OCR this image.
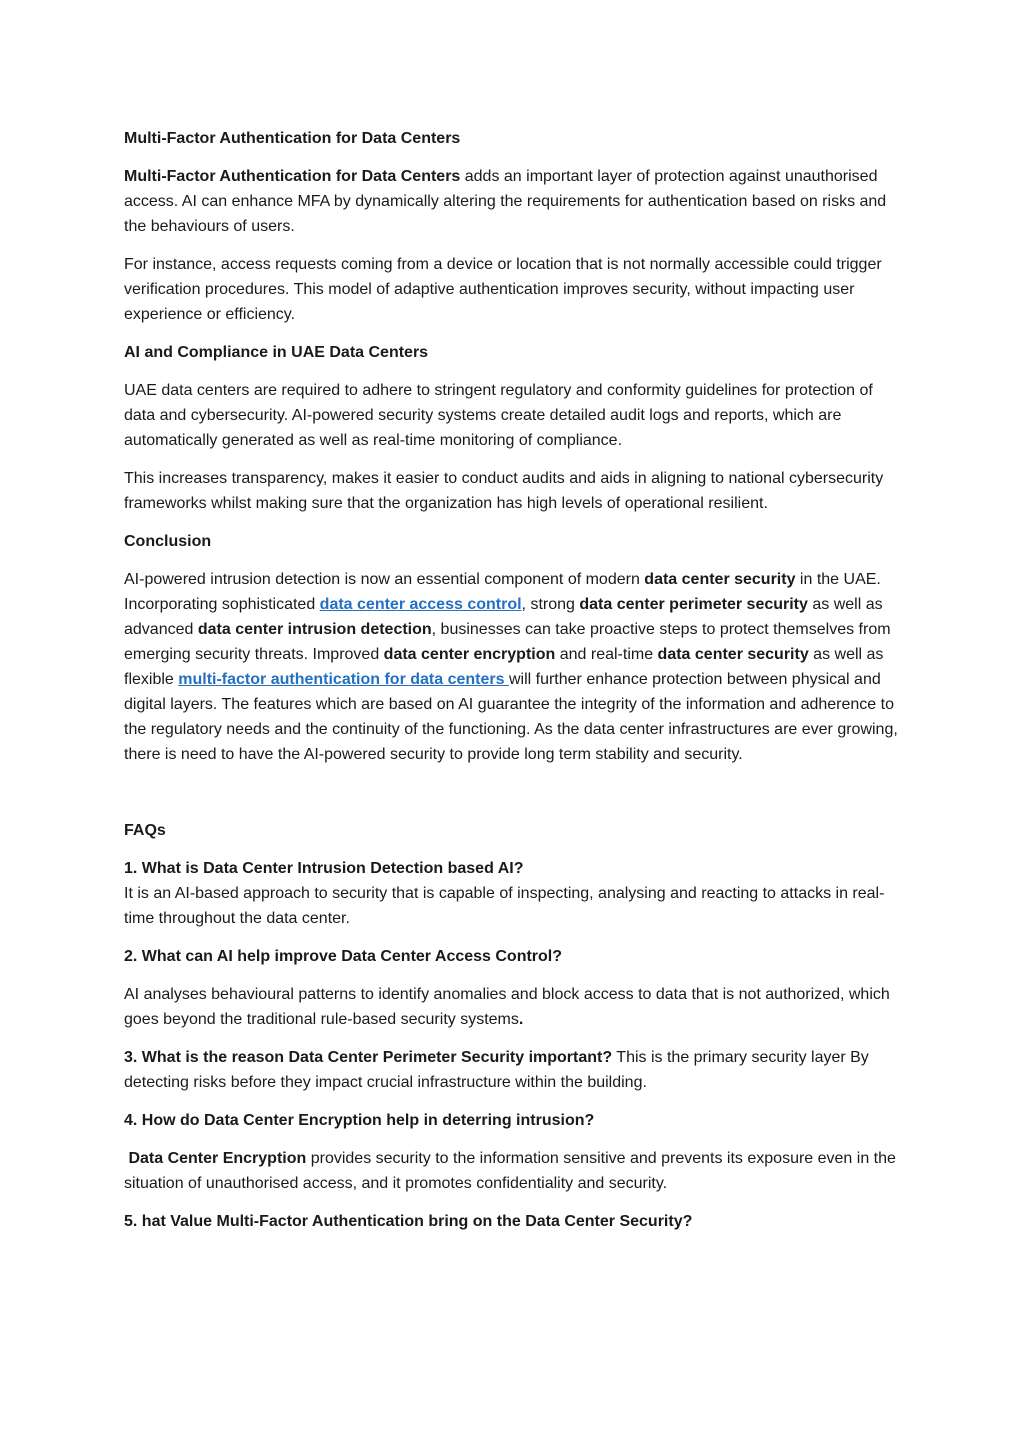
Multi-Factor Authentication for Data Centers

Multi-Factor Authentication for Data Centers adds an important layer of protection against unauthorised access. AI can enhance MFA by dynamically altering the requirements for authentication based on risks and the behaviours of users.

For instance, access requests coming from a device or location that is not normally accessible could trigger verification procedures. This model of adaptive authentication improves security, without impacting user experience or efficiency.

AI and Compliance in UAE Data Centers

UAE data centers are required to adhere to stringent regulatory and conformity guidelines for protection of data and cybersecurity. AI-powered security systems create detailed audit logs and reports, which are automatically generated as well as real-time monitoring of compliance.

This increases transparency, makes it easier to conduct audits and aids in aligning to national cybersecurity frameworks whilst making sure that the organization has high levels of operational resilient.

Conclusion

AI-powered intrusion detection is now an essential component of modern data center security in the UAE. Incorporating sophisticated data center access control, strong data center perimeter security as well as advanced data center intrusion detection, businesses can take proactive steps to protect themselves from emerging security threats. Improved data center encryption and real-time data center security as well as flexible multi-factor authentication for data centers will further enhance protection between physical and digital layers. The features which are based on AI guarantee the integrity of the information and adherence to the regulatory needs and the continuity of the functioning. As the data center infrastructures are ever growing, there is need to have the AI-powered security to provide long term stability and security.

FAQs

1. What is Data Center Intrusion Detection based AI?
It is an AI-based approach to security that is capable of inspecting, analysing and reacting to attacks in real-time throughout the data center.

2. What can AI help improve Data Center Access Control?

AI analyses behavioural patterns to identify anomalies and block access to data that is not authorized, which goes beyond the traditional rule-based security systems.

3. What is the reason Data Center Perimeter Security important? This is the primary security layer By detecting risks before they impact crucial infrastructure within the building.

4. How do Data Center Encryption help in deterring intrusion?

Data Center Encryption provides security to the information sensitive and prevents its exposure even in the situation of unauthorised access, and it promotes confidentiality and security.

5. hat Value Multi-Factor Authentication bring on the Data Center Security?
